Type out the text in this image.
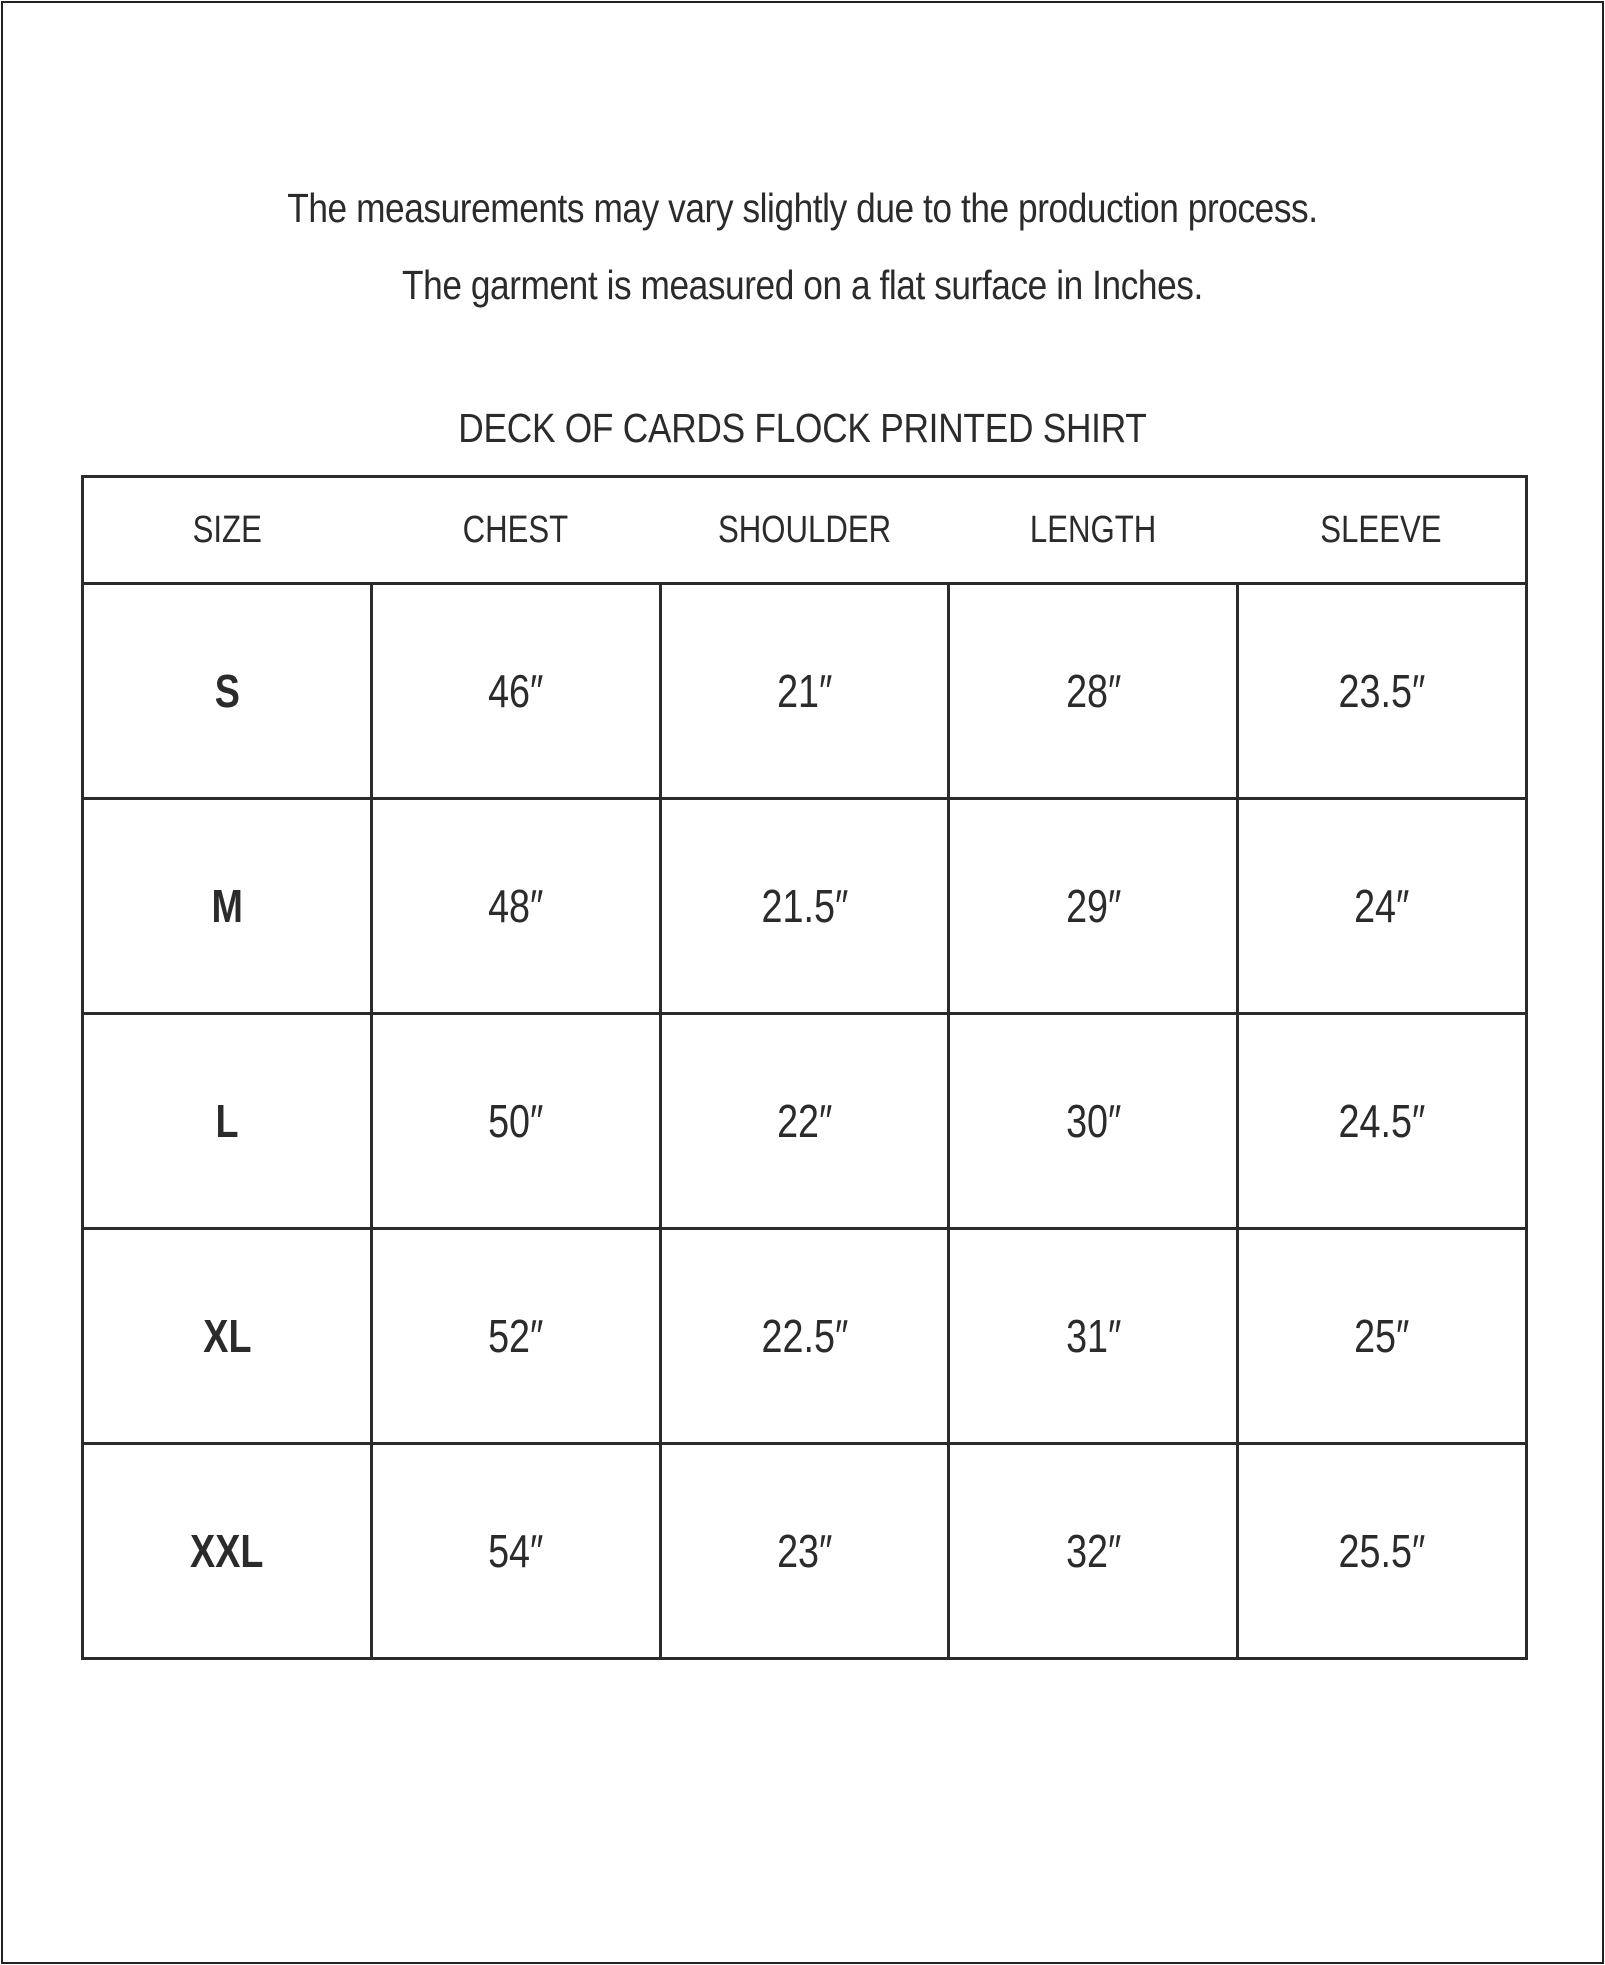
The measurements may vary slightly due to the production process.
The garment is measured on a flat surface in Inches.
DECK OF CARDS FLOCK PRINTED SHIRT
SIZE	CHEST	SHOULDER	LENGTH	SLEEVE
S	46″	21″	28″	23.5″
M	48″	21.5″	29″	24″
L	50″	22″	30″	24.5″
XL	52″	22.5″	31″	25″
XXL	54″	23″	32″	25.5″
